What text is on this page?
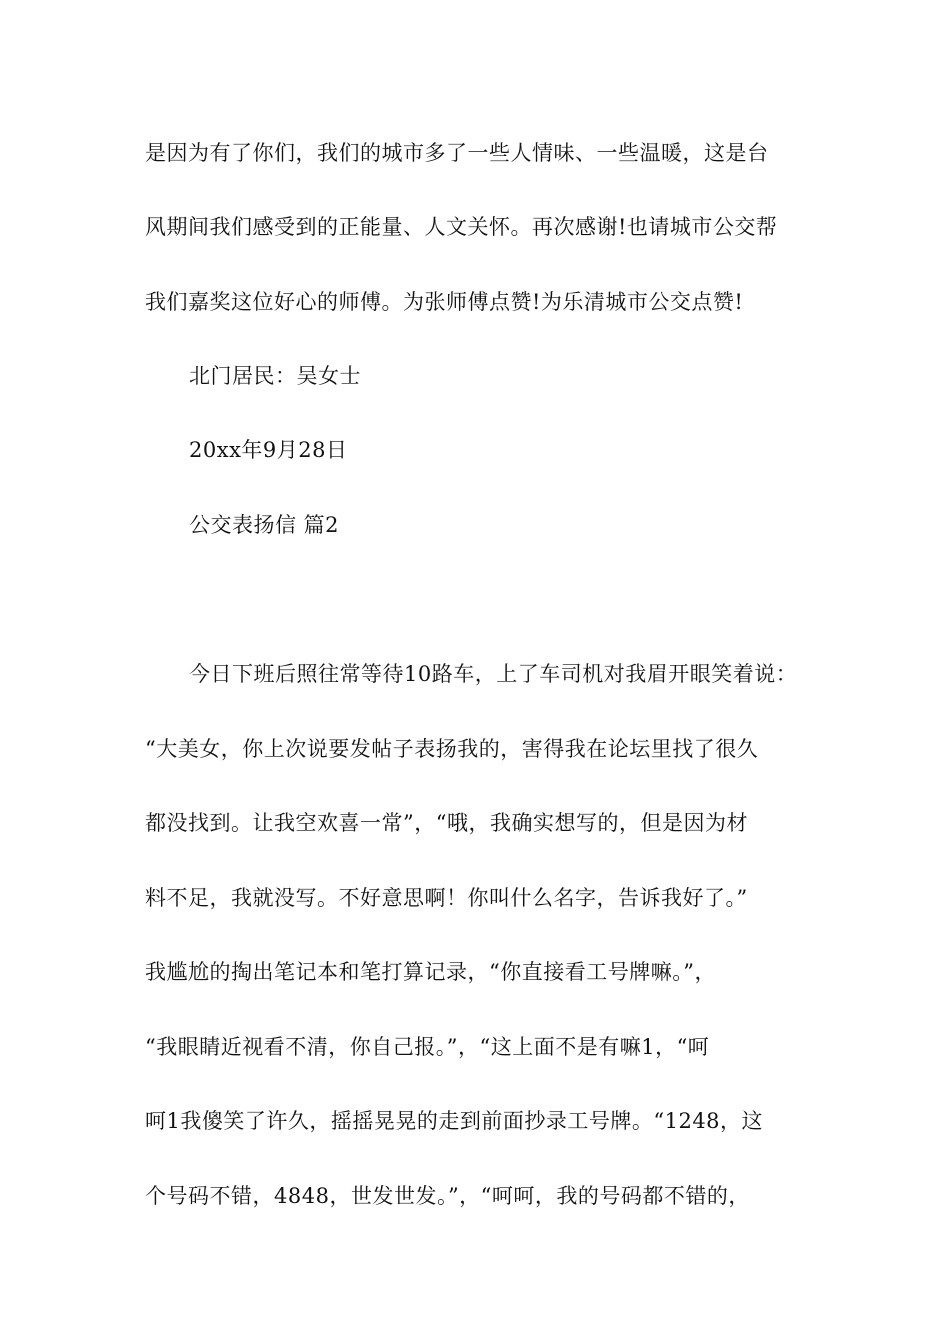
是因为有了你们，我们的城市多了一些人情味、一些温暖，这是台
风期间我们感受到的正能量、人文关怀。再次感谢!也请城市公交帮
我们嘉奖这位好心的师傅。为张师傅点赞!为乐清城市公交点赞!
北门居民：吴女士
20xx年9月28日
公交表扬信 篇2
今日下班后照往常等待10路车，上了车司机对我眉开眼笑着说：
“大美女，你上次说要发帖子表扬我的，害得我在论坛里找了很久
都没找到。让我空欢喜一常”，“哦，我确实想写的，但是因为材
料不足，我就没写。不好意思啊！你叫什么名字，告诉我好了。”
我尴尬的掏出笔记本和笔打算记录，“你直接看工号牌嘛。”，
“我眼睛近视看不清，你自己报。”，“这上面不是有嘛1，“呵
呵1我傻笑了许久，摇摇晃晃的走到前面抄录工号牌。“1248，这
个号码不错，4848，世发世发。”，“呵呵，我的号码都不错的，
